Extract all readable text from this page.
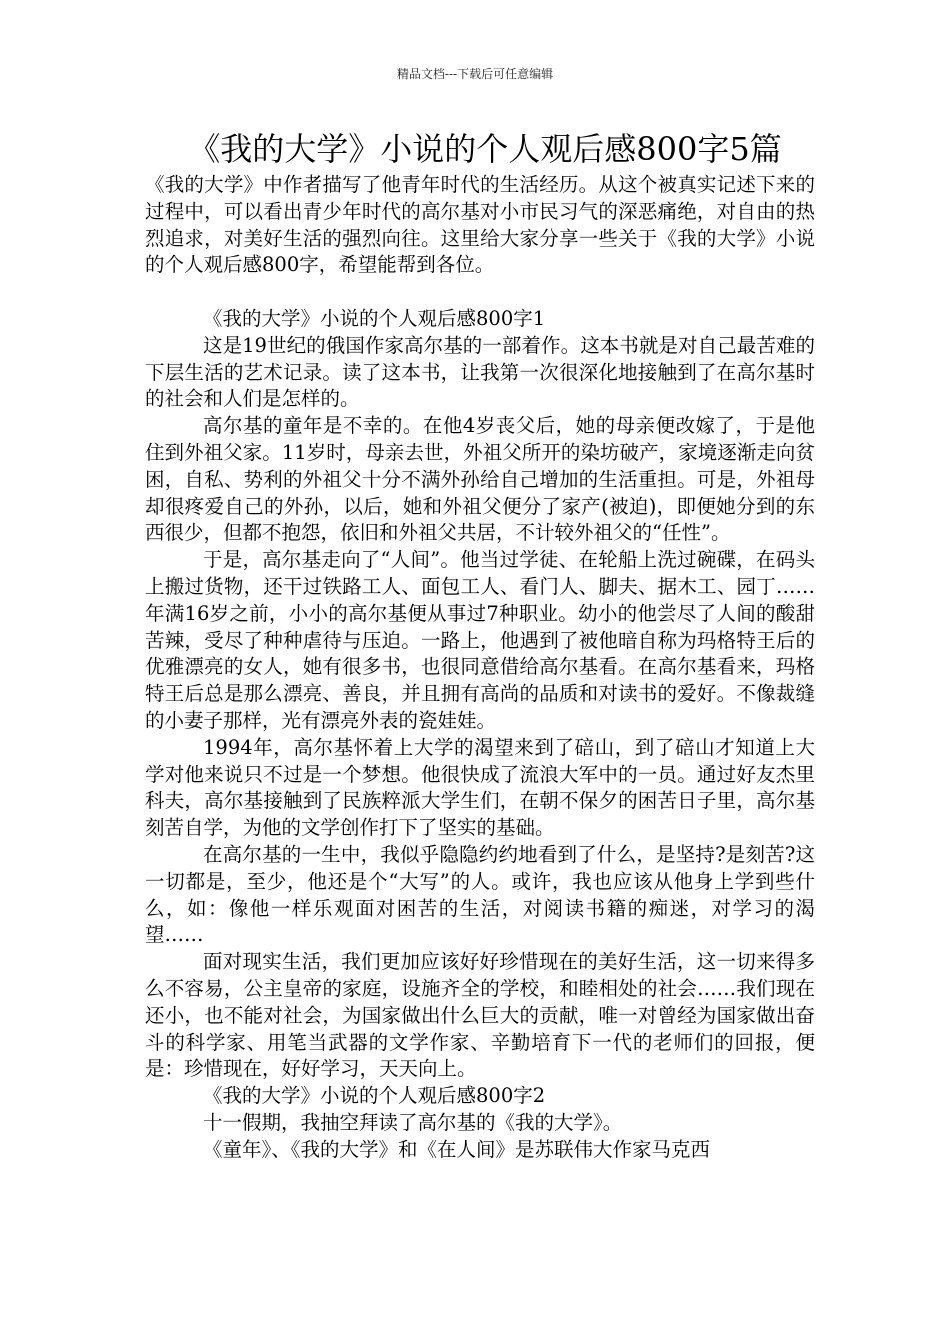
精品文档---下载后可任意编辑
《我的大学》小说的个人观后感800字5篇

《我的大学》中作者描写了他青年时代的生活经历。从这个被真实记述下来的过程中，可以看出青少年时代的高尔基对小市民习气的深恶痛绝，对自由的热烈追求，对美好生活的强烈向往。这里给大家分享一些关于《我的大学》小说的个人观后感800字，希望能帮到各位。

《我的大学》小说的个人观后感800字1

这是19世纪的俄国作家高尔基的一部着作。这本书就是对自己最苦难的下层生活的艺术记录。读了这本书，让我第一次很深化地接触到了在高尔基时的社会和人们是怎样的。

高尔基的童年是不幸的。在他4岁丧父后，她的母亲便改嫁了，于是他住到外祖父家。11岁时，母亲去世，外祖父所开的染坊破产，家境逐渐走向贫困，自私、势利的外祖父十分不满外孙给自己增加的生活重担。可是，外祖母却很疼爱自己的外孙，以后，她和外祖父便分了家产(被迫)，即便她分到的东西很少，但都不抱怨，依旧和外祖父共居，不计较外祖父的“任性”。

于是，高尔基走向了“人间”。他当过学徒、在轮船上洗过碗碟，在码头上搬过货物，还干过铁路工人、面包工人、看门人、脚夫、据木工、园丁……年满16岁之前，小小的高尔基便从事过7种职业。幼小的他尝尽了人间的酸甜苦辣，受尽了种种虐待与压迫。一路上，他遇到了被他暗自称为玛格特王后的优雅漂亮的女人，她有很多书，也很同意借给高尔基看。在高尔基看来，玛格特王后总是那么漂亮、善良，并且拥有高尚的品质和对读书的爱好。不像裁缝的小妻子那样，光有漂亮外表的瓷娃娃。

1994年，高尔基怀着上大学的渴望来到了碚山，到了碚山才知道上大学对他来说只不过是一个梦想。他很快成了流浪大军中的一员。通过好友杰里科夫，高尔基接触到了民族粹派大学生们，在朝不保夕的困苦日子里，高尔基刻苦自学，为他的文学创作打下了坚实的基础。

在高尔基的一生中，我似乎隐隐约约地看到了什么，是坚持?是刻苦?这一切都是，至少，他还是个“大写”的人。或许，我也应该从他身上学到些什么，如：像他一样乐观面对困苦的生活，对阅读书籍的痴迷，对学习的渴望……

面对现实生活，我们更加应该好好珍惜现在的美好生活，这一切来得多么不容易，公主皇帝的家庭，设施齐全的学校，和睦相处的社会……我们现在还小，也不能对社会，为国家做出什么巨大的贡献，唯一对曾经为国家做出奋斗的科学家、用笔当武器的文学作家、辛勤培育下一代的老师们的回报，便是：珍惜现在，好好学习，天天向上。

《我的大学》小说的个人观后感800字2

十一假期，我抽空拜读了高尔基的《我的大学》。

《童年》、《我的大学》和《在人间》是苏联伟大作家马克西
